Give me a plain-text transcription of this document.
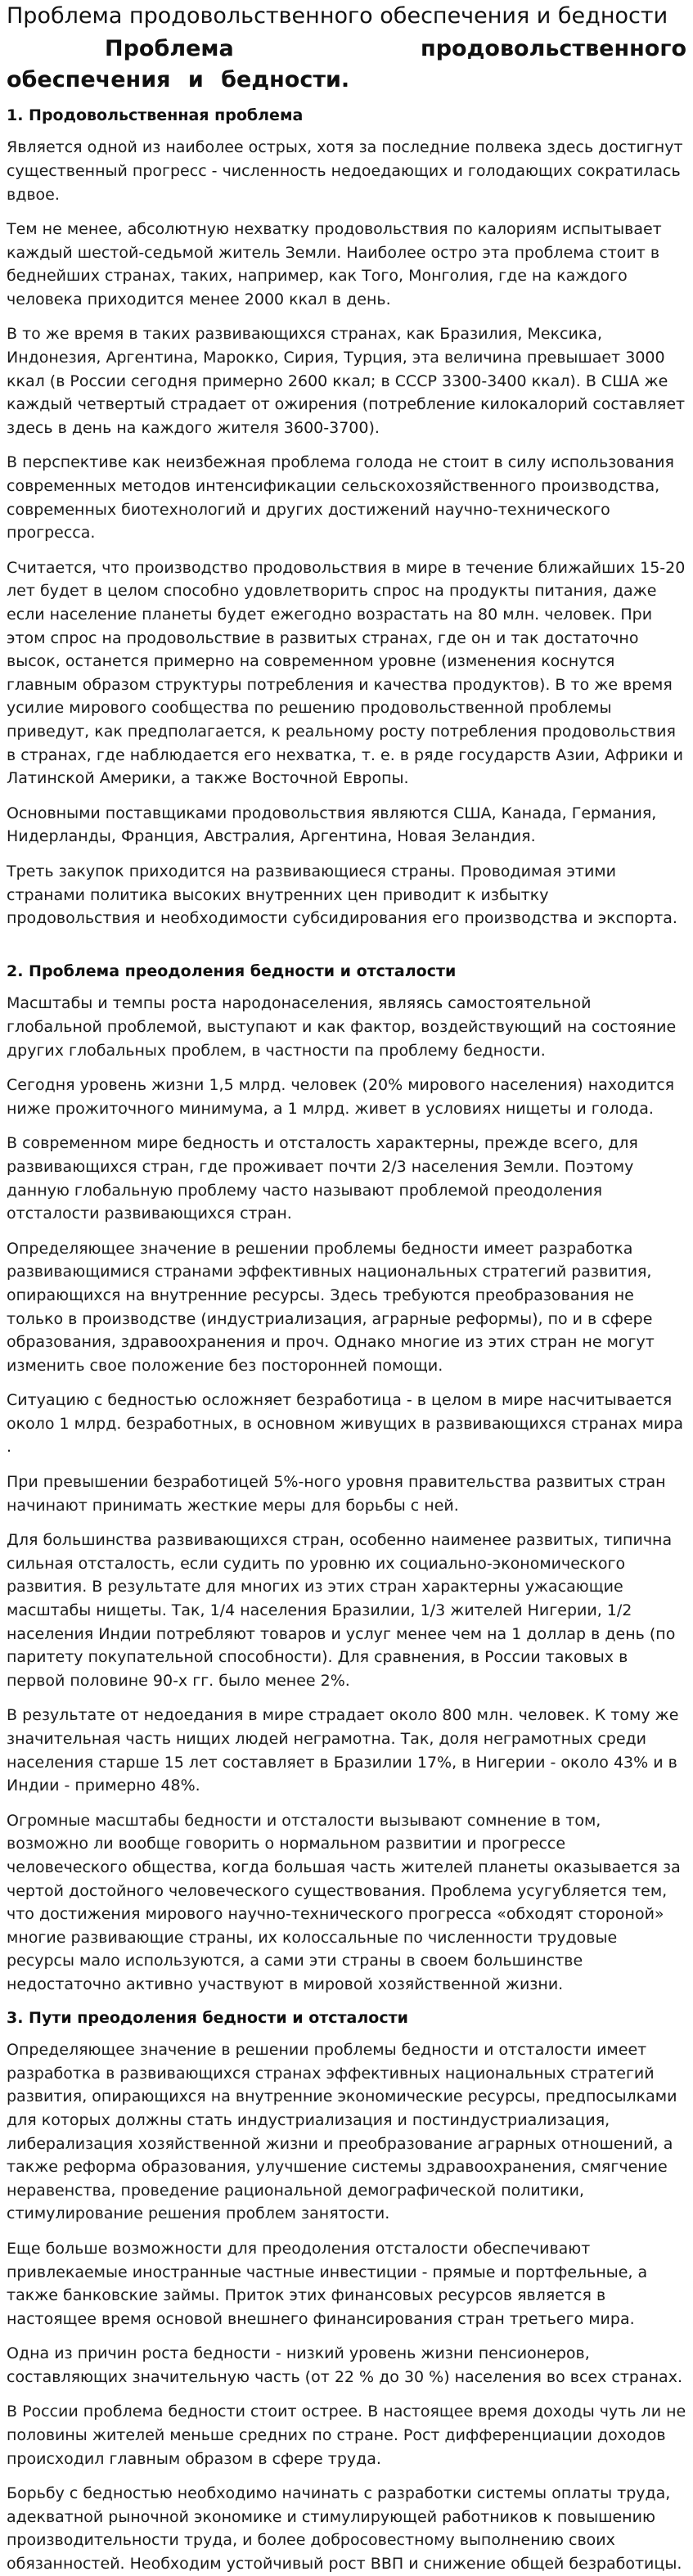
Проблема продовольственного обеспечения и бедности
Проблема продовольственного обеспечения и бедности.
1. Продовольственная проблема

Является одной из наиболее острых, хотя за последние полвека здесь достигнут существенный прогресс - численность недоедающих и голодающих сократилась вдвое.

Тем не менее, абсолютную нехватку продовольствия по калориям испытывает каждый шестой-седьмой житель Земли. Наиболее остро эта проблема стоит в беднейших странах, таких, например, как Того, Монголия, где на каждого человека приходится менее 2000 ккал в день.

В то же время в таких развивающихся странах, как Бразилия, Мексика, Индонезия, Аргентина, Марокко, Сирия, Турция, эта величина превышает 3000 ккал (в России сегодня примерно 2600 ккал; в СССР 3300-3400 ккал). В США же каждый четвертый страдает от ожирения (потребление килокалорий составляет здесь в день на каждого жителя 3600-3700).

В перспективе как неизбежная проблема голода не стоит в силу использования современных методов интенсификации сельскохозяйственного производства, современных биотехнологий и других достижений научно-технического прогресса.

Считается, что производство продовольствия в мире в течение ближайших 15-20 лет будет в целом способно удовлетворить спрос на продукты питания, даже если население планеты будет ежегодно возрастать на 80 млн. человек. При этом спрос на продовольствие в развитых странах, где он и так достаточно высок, останется примерно на современном уровне (изменения коснутся главным образом структуры потребления и качества продуктов). В то же время усилие мирового сообщества по решению продовольственной проблемы приведут, как предполагается, к реальному росту потребления продовольствия в странах, где наблюдается его нехватка, т. е. в ряде государств Азии, Африки и Латинской Америки, а также Восточной Европы.

Основными поставщиками продовольствия являются США, Канада, Германия, Нидерланды, Франция, Австралия, Аргентина, Новая Зеландия.

Треть закупок приходится на развивающиеся страны. Проводимая этими странами политика высоких внутренних цен приводит к избытку продовольствия и необходимости субсидирования его производства и экспорта.

2. Проблема преодоления бедности и отсталости

Масштабы и темпы роста народонаселения, являясь самостоятельной глобальной проблемой, выступают и как фактор, воздействующий на состояние других глобальных проблем, в частности па проблему бедности.

Сегодня уровень жизни 1,5 млрд. человек (20% мирового населения) находится ниже прожиточного минимума, а 1 млрд. живет в условиях нищеты и голода.

В современном мире бедность и отсталость характерны, прежде всего, для развивающихся стран, где проживает почти 2/3 населения Земли. Поэтому данную глобальную проблему часто называют проблемой преодоления отсталости развивающихся стран.

Определяющее значение в решении проблемы бедности имеет разработка развивающимися странами эффективных национальных стратегий развития, опирающихся на внутренние ресурсы. Здесь требуются преобразования не только в производстве (индустриализация, аграрные реформы), по и в сфере образования, здравоохранения и проч. Однако многие из этих стран не могут изменить свое положение без посторонней помощи.

Ситуацию с бедностью осложняет безработица - в целом в мире насчитывается около 1 млрд. безработных, в основном живущих в развивающихся странах мира .

При превышении безработицей 5%-ного уровня правительства развитых стран начинают принимать жесткие меры для борьбы с ней.

Для большинства развивающихся стран, особенно наименее развитых, типична сильная отсталость, если судить по уровню их социально-экономического развития. В результате для многих из этих стран характерны ужасающие масштабы нищеты. Так, 1/4 населения Бразилии, 1/3 жителей Нигерии, 1/2 населения Индии потребляют товаров и услуг менее чем на 1 доллар в день (по паритету покупательной способности). Для сравнения, в России таковых в первой половине 90-х гг. было менее 2%.

В результате от недоедания в мире страдает около 800 млн. человек. К тому же значительная часть нищих людей неграмотна. Так, доля неграмотных среди населения старше 15 лет составляет в Бразилии 17%, в Нигерии - около 43% и в Индии - примерно 48%.

Огромные масштабы бедности и отсталости вызывают сомнение в том, возможно ли вообще говорить о нормальном развитии и прогрессе человеческого общества, когда большая часть жителей планеты оказывается за чертой достойного человеческого существования. Проблема усугубляется тем, что достижения мирового научно-технического прогресса «обходят стороной» многие развивающие страны, их колоссальные по численности трудовые ресурсы мало используются, а сами эти страны в своем большинстве недостаточно активно участвуют в мировой хозяйственной жизни.

3. Пути преодоления бедности и отсталости

Определяющее значение в решении проблемы бедности и отсталости имеет разработка в развивающихся странах эффективных национальных стратегий развития, опирающихся на внутренние экономические ресурсы, предпосылками для которых должны стать индустриализация и постиндустриализация, либерализация хозяйственной жизни и преобразование аграрных отношений, а также реформа образования, улучшение системы здравоохранения, смягчение неравенства, проведение рациональной демографической политики, стимулирование решения проблем занятости.

Еще больше возможности для преодоления отсталости обеспечивают привлекаемые иностранные частные инвестиции - прямые и портфельные, а также банковские займы. Приток этих финансовых ресурсов является в настоящее время основой внешнего финансирования стран третьего мира.

Одна из причин роста бедности - низкий уровень жизни пенсионеров, составляющих значительную часть (от 22 % до 30 %) населения во всех странах.

В России проблема бедности стоит острее. В настоящее время доходы чуть ли не половины жителей меньше средних по стране. Рост дифференциации доходов происходил главным образом в сфере труда.

Борьбу с бедностью необходимо начинать с разработки системы оплаты труда, адекватной рыночной экономике и стимулирующей работников к повышению производительности труда, и более добросовестному выполнению своих обязанностей. Необходим устойчивый рост ВВП и снижение общей безработицы.
